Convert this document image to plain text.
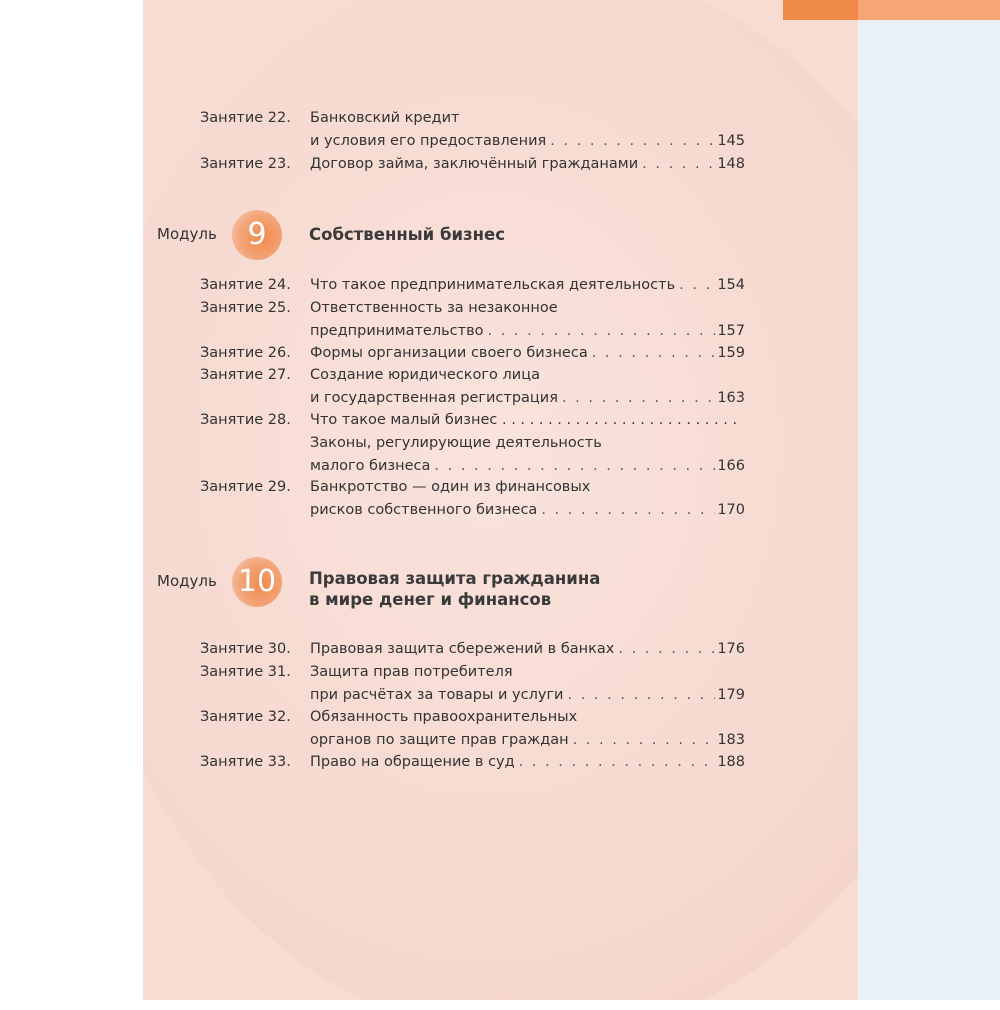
Занятие 22. Банковский кредит
и условия его предоставления . . .	145
Занятие 23. Договор займа, заключённый гражданами . . .	148
Модуль	9	Собственный бизнес
Занятие 24. Что такое предпринимательская деятельность . . .	154
Занятие 25. Ответственность за незаконное
предпринимательство . . .	157
Занятие 26. Формы организации своего бизнеса . . .	159
Занятие 27. Создание юридического лица
и государственная регистрация . . .	163
Занятие 28. Что такое малый бизнес . . . . . . . . . . . . . . . . . . . . . . . . . .
Законы, регулирующие деятельность
малого бизнеса . . .	166
Занятие 29. Банкротство — один из финансовых
рисков собственного бизнеса . . .	170
Модуль 10	Правовая защита гражданина
в мире денег и финансов
Занятие 30. Правовая защита сбережений в банках . . .	176
Занятие 31. Защита прав потребителя
при расчётах за товары и услуги . . .	179
Занятие 32. Обязанность правоохранительных
органов по защите прав граждан . . .	183
Занятие 33. Право на обращение в суд . . .	188
